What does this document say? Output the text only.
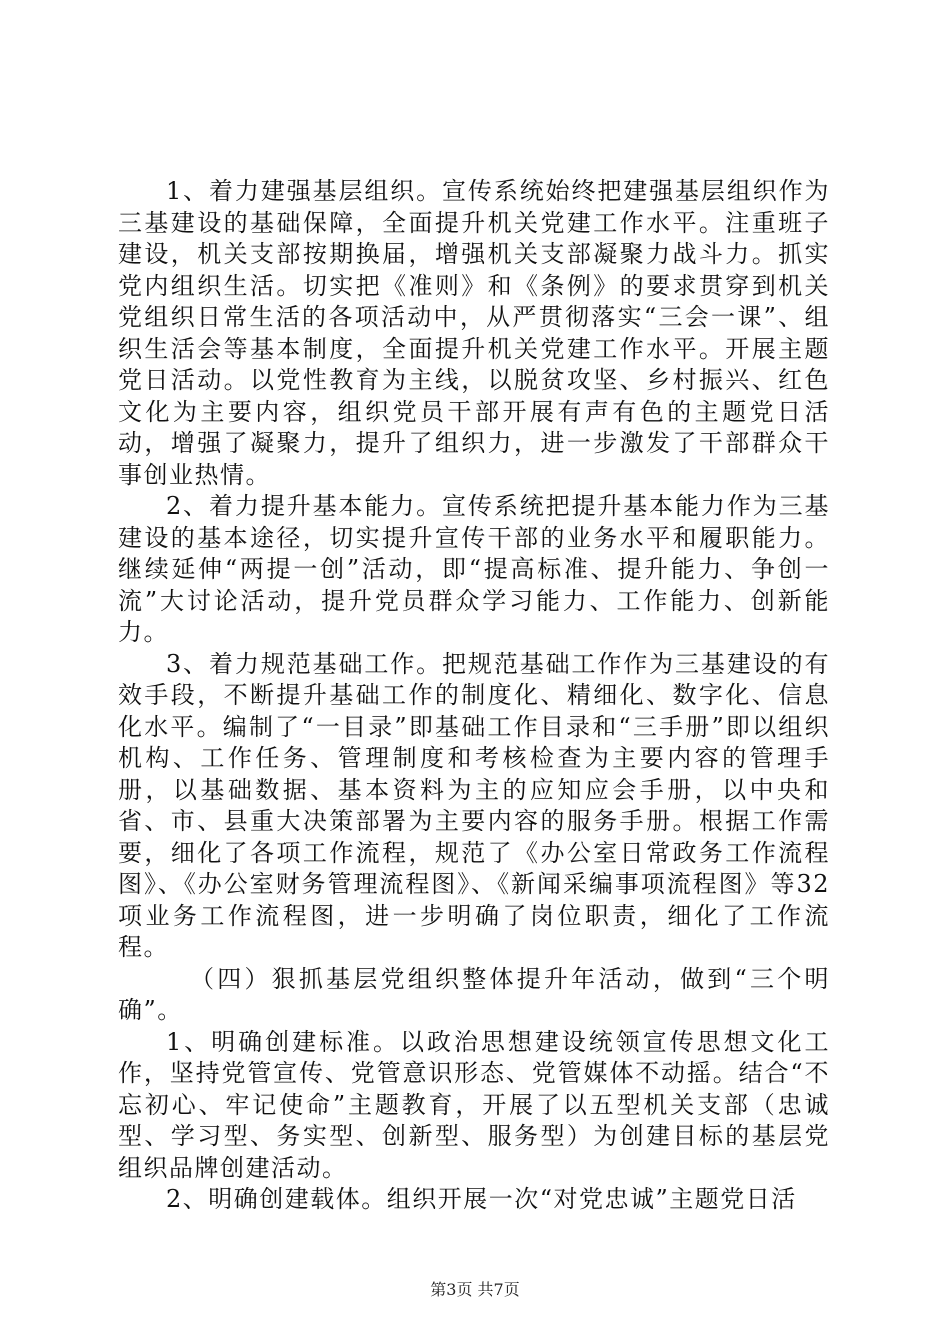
1、着力建强基层组织。宣传系统始终把建强基层组织作为三基建设的基础保障，全面提升机关党建工作水平。注重班子建设，机关支部按期换届，增强机关支部凝聚力战斗力。抓实党内组织生活。切实把《准则》和《条例》的要求贯穿到机关党组织日常生活的各项活动中，从严贯彻落实“三会一课”、组织生活会等基本制度，全面提升机关党建工作水平。开展主题党日活动。以党性教育为主线，以脱贫攻坚、乡村振兴、红色文化为主要内容，组织党员干部开展有声有色的主题党日活动，增强了凝聚力，提升了组织力，进一步激发了干部群众干事创业热情。

2、着力提升基本能力。宣传系统把提升基本能力作为三基建设的基本途径，切实提升宣传干部的业务水平和履职能力。继续延伸“两提一创”活动，即“提高标准、提升能力、争创一流”大讨论活动，提升党员群众学习能力、工作能力、创新能力。

3、着力规范基础工作。把规范基础工作作为三基建设的有效手段，不断提升基础工作的制度化、精细化、数字化、信息化水平。编制了“一目录”即基础工作目录和“三手册”即以组织机构、工作任务、管理制度和考核检查为主要内容的管理手册，以基础数据、基本资料为主的应知应会手册，以中央和省、市、县重大决策部署为主要内容的服务手册。根据工作需要，细化了各项工作流程，规范了《办公室日常政务工作流程图》、《办公室财务管理流程图》、《新闻采编事项流程图》等32项业务工作流程图，进一步明确了岗位职责，细化了工作流程。

（四）狠抓基层党组织整体提升年活动，做到“三个明确”。

1、明确创建标准。以政治思想建设统领宣传思想文化工作，坚持党管宣传、党管意识形态、党管媒体不动摇。结合“不忘初心、牢记使命”主题教育，开展了以五型机关支部（忠诚型、学习型、务实型、创新型、服务型）为创建目标的基层党组织品牌创建活动。

2、明确创建载体。组织开展一次“对党忠诚”主题党日活

第3页 共7页
